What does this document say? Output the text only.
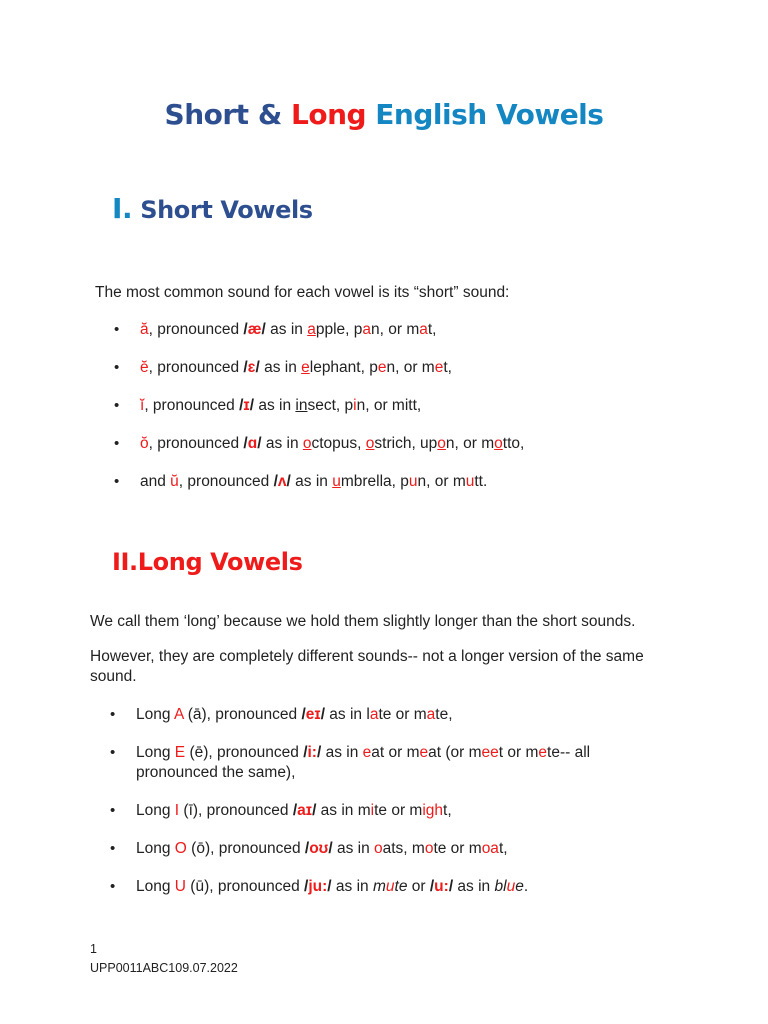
Short & Long English Vowels
I. Short Vowels
The most common sound for each vowel is its “short” sound:
• ă, pronounced /æ/ as in apple, pan, or mat,
• ĕ, pronounced /ɛ/ as in elephant, pen, or met,
• ĭ, pronounced /ɪ/ as in insect, pin, or mitt,
• ŏ, pronounced /ɑ/ as in octopus, ostrich, upon, or motto,
• and ŭ, pronounced /ʌ/ as in umbrella, pun, or mutt.
II.Long Vowels
We call them ‘long’ because we hold them slightly longer than the short sounds.
However, they are completely different sounds-- not a longer version of the same sound.
• Long A (ā), pronounced /eɪ/ as in late or mate,
• Long E (ē), pronounced /i:/ as in eat or meat (or meet or mete-- all pronounced the same),
• Long I (ī), pronounced /aɪ/ as in mite or might,
• Long O (ō), pronounced /oʊ/ as in oats, mote or moat,
• Long U (ū), pronounced /ju:/ as in mute or /u:/ as in blue.
1
UPP0011ABC109.07.2022
